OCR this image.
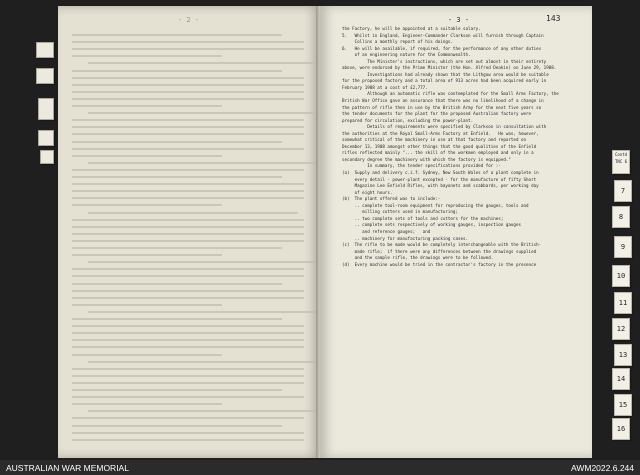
- 2 -	- 3 -	143
the Factory, he will be appointed at a suitable salary.
5.   Whilst in England, Engineer-Commander Clarkson will furnish through Captain
Collins a monthly report of his doings.
6.   He will be available, if required, for the performance of any other duties
of an engineering nature for the Commonwealth.
The Minister's instructions, which are set out almost in their entirety
above, were endorsed by the Prime Minister (the Hon. Alfred Deakin) on June 29, 1908.
Investigations had already shown that the Lithgow area would be suitable
for the proposed factory and a total area of 913 acres had been acquired early in
February 1908 at a cost of £2,777.
Although an automatic rifle was contemplated for the Small Arms Factory, the
British War Office gave an assurance that there was no likelihood of a change in
the pattern of rifle then in use by the British Army for the next five years so
the tender documents for the plant for the proposed Australian factory were
prepared for circulation, excluding the power-plant.
Details of requirements were specified by Clarkson in consultation with
the authorities at the Royal Small-Arms Factory at Enfield.   He was, however,
somewhat critical of the machinery in use at that factory and reported on
December 13, 1908 amongst other things that the good qualities of the Enfield
rifles reflected mainly "... the skill of the workmen employed and only in a
secondary degree the machinery with which the factory is equipped."
In summary, the tender specifications provided for :-
(a)  Supply and delivery c.i.f. Sydney, New South Wales of a plant complete in
every detail - power-plant excepted - for the manufacture of fifty Short
Magazine Lee Enfield Rifles, with bayonets and scabbards, per working day
of eight hours.
(b)  The plant offered was to include:-
.. complete tool-room equipment for reproducing the gauges, tools and
milling cutters used in manufacturing;
.. two complete sets of tools and cutters for the machines;
.. complete sets respectively of working gauges, inspection gauges
and reference gauges;   and
.. machinery for manufacturing packing cases.
(c)  The rifle to be made would be completely interchangeable with the British-
made rifle;  if there were any differences between the drawings supplied
and the sample rifle, the drawings were to be followed.
(d)  Every machine would be tried in the contractor's factory in the presence

Contd TNC 6
7
8
9
10
11
12
13
14
15
16
AUSTRALIAN WAR MEMORIAL	AWM2022.6.244
